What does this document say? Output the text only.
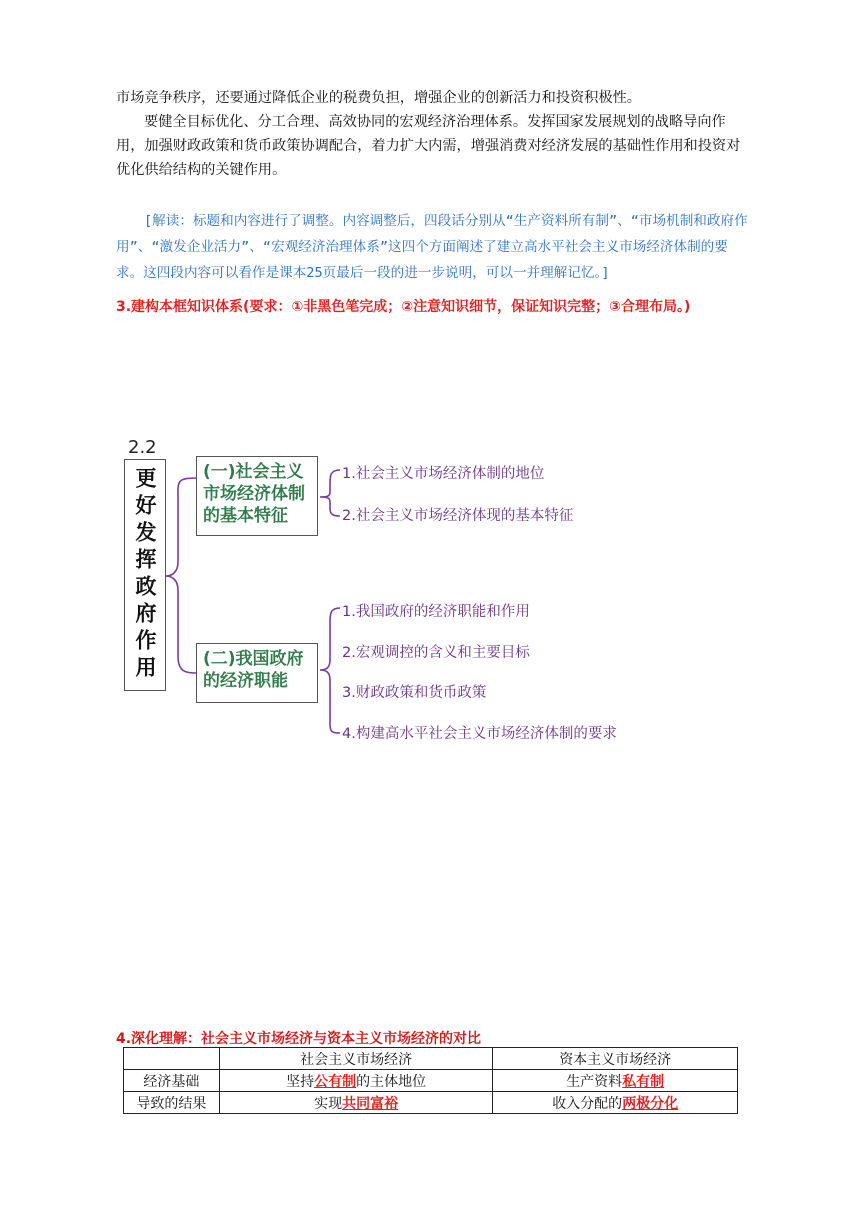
市场竞争秩序，还要通过降低企业的税费负担，增强企业的创新活力和投资积极性。

要健全目标优化、分工合理、高效协同的宏观经济治理体系。发挥国家发展规划的战略导向作用，加强财政政策和货币政策协调配合，着力扩大内需，增强消费对经济发展的基础性作用和投资对优化供给结构的关键作用。

[解读：标题和内容进行了调整。内容调整后，四段话分别从“生产资料所有制”、“市场机制和政府作用”、“激发企业活力”、“宏观经济治理体系”这四个方面阐述了建立高水平社会主义市场经济体制的要求。这四段内容可以看作是课本25页最后一段的进一步说明，可以一并理解记忆。]

3.建构本框知识体系(要求：①非黑色笔完成；②注意知识细节，保证知识完整；③合理布局。)

2.2
更好发挥政府作用	(一)社会主义市场经济体制的基本特征
1.社会主义市场经济体制的地位
2.社会主义市场经济体现的基本特征
(二)我国政府的经济职能
1.我国政府的经济职能和作用
2.宏观调控的含义和主要目标
3.财政政策和货币政策
4.构建高水平社会主义市场经济体制的要求

4.深化理解：社会主义市场经济与资本主义市场经济的对比

	社会主义市场经济	资本主义市场经济
经济基础	坚持公有制的主体地位	生产资料私有制
导致的结果	实现共同富裕	收入分配的两极分化
